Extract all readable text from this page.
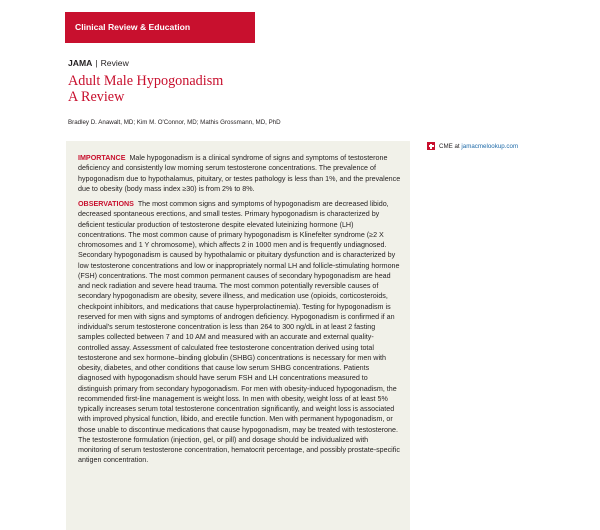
Clinical Review & Education
JAMA | Review
Adult Male Hypogonadism
A Review
Bradley D. Anawalt, MD; Kim M. O'Connor, MD; Mathis Grossmann, MD, PhD

IMPORTANCE Male hypogonadism is a clinical syndrome of signs and symptoms of testosterone deficiency and consistently low morning serum testosterone concentrations. The prevalence of hypogonadism due to hypothalamus, pituitary, or testes pathology is less than 1%, and the prevalence due to obesity (body mass index ≥30) is from 2% to 8%.

OBSERVATIONS The most common signs and symptoms of hypogonadism are decreased libido, decreased spontaneous erections, and small testes. Primary hypogonadism is characterized by deficient testicular production of testosterone despite elevated luteinizing hormone (LH) concentrations. The most common cause of primary hypogonadism is Klinefelter syndrome (≥2 X chromosomes and 1 Y chromosome), which affects 2 in 1000 men and is frequently undiagnosed. Secondary hypogonadism is caused by hypothalamic or pituitary dysfunction and is characterized by low testosterone concentrations and low or inappropriately normal LH and follicle-stimulating hormone (FSH) concentrations. The most common permanent causes of secondary hypogonadism are head and neck radiation and severe head trauma. The most common potentially reversible causes of secondary hypogonadism are obesity, severe illness, and medication use (opioids, corticosteroids, checkpoint inhibitors, and medications that cause hyperprolactinemia). Testing for hypogonadism is reserved for men with signs and symptoms of androgen deficiency. Hypogonadism is confirmed if an individual's serum testosterone concentration is less than 264 to 300 ng/dL in at least 2 fasting samples collected between 7 and 10 AM and measured with an accurate and external quality-controlled assay. Assessment of calculated free testosterone concentration derived using total testosterone and sex hormone–binding globulin (SHBG) concentrations is necessary for men with obesity, diabetes, and other conditions that cause low serum SHBG concentrations. Patients diagnosed with hypogonadism should have serum FSH and LH concentrations measured to distinguish primary from secondary hypogonadism. For men with obesity-induced hypogonadism, the recommended first-line management is weight loss. In men with obesity, weight loss of at least 5% typically increases serum total testosterone concentration significantly, and weight loss is associated with improved physical function, libido, and erectile function. Men with permanent hypogonadism, or those unable to discontinue medications that cause hypogonadism, may be treated with testosterone. The testosterone formulation (injection, gel, or pill) and dosage should be individualized with monitoring of serum testosterone concentration, hematocrit percentage, and possibly prostate-specific antigen concentration.

CME at
jamacmelookup.com
